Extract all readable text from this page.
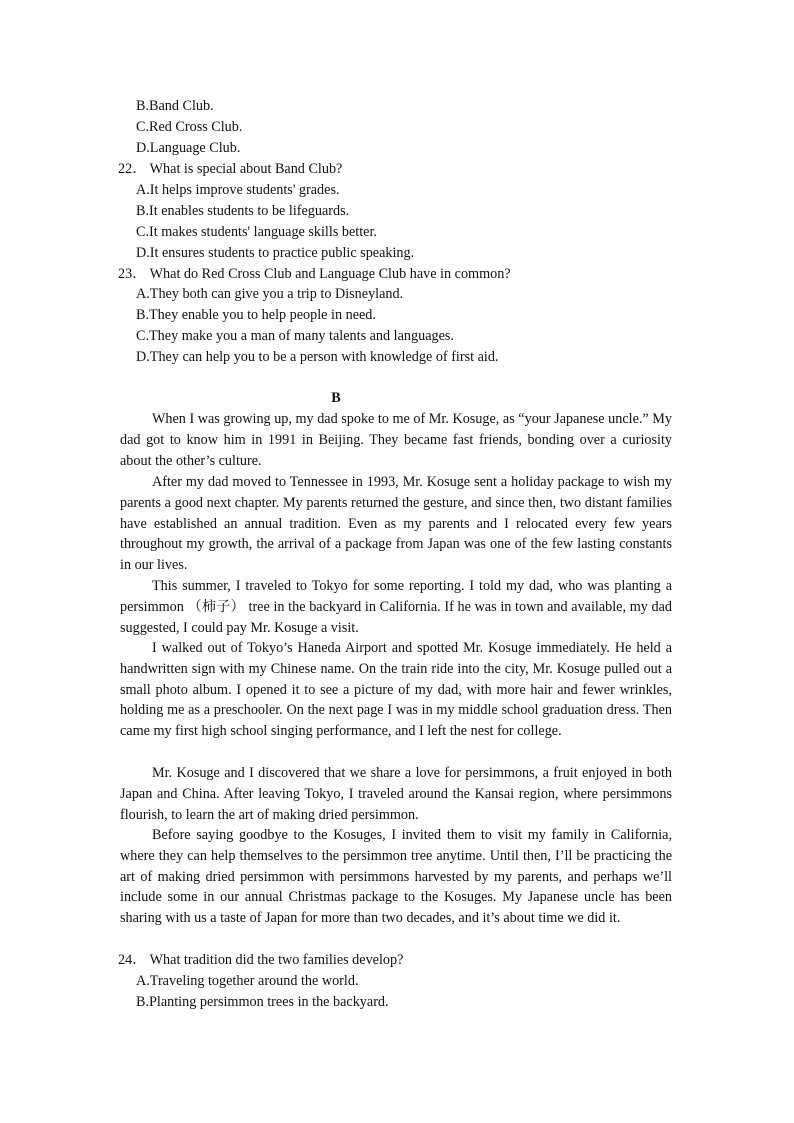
B.Band Club.
C.Red Cross Club.
D.Language Club.
22． What is special about Band Club?
A.It helps improve students' grades.
B.It enables students to be lifeguards.
C.It makes students' language skills better.
D.It ensures students to practice public speaking.
23． What do Red Cross Club and Language Club have in common?
A.They both can give you a trip to Disneyland.
B.They enable you to help people in need.
C.They make you a man of many talents and languages.
D.They can help you to be a person with knowledge of first aid.
B
When I was growing up, my dad spoke to me of Mr. Kosuge, as “your Japanese uncle.” My dad got to know him in 1991 in Beijing. They became fast friends, bonding over a curiosity about the other’s culture.
After my dad moved to Tennessee in 1993, Mr. Kosuge sent a holiday package to wish my parents a good next chapter. My parents returned the gesture, and since then, two distant families have established an annual tradition. Even as my parents and I relocated every few years throughout my growth, the arrival of a package from Japan was one of the few lasting constants in our lives.
This summer, I traveled to Tokyo for some reporting. I told my dad, who was planting a persimmon （柿子） tree in the backyard in California. If he was in town and available, my dad suggested, I could pay Mr. Kosuge a visit.
I walked out of Tokyo’s Haneda Airport and spotted Mr. Kosuge immediately. He held a handwritten sign with my Chinese name. On the train ride into the city, Mr. Kosuge pulled out a small photo album. I opened it to see a picture of my dad, with more hair and fewer wrinkles, holding me as a preschooler. On the next page I was in my middle school graduation dress. Then came my first high school singing performance, and I left the nest for college.
Mr. Kosuge and I discovered that we share a love for persimmons, a fruit enjoyed in both Japan and China. After leaving Tokyo, I traveled around the Kansai region, where persimmons flourish, to learn the art of making dried persimmon.
Before saying goodbye to the Kosuges, I invited them to visit my family in California, where they can help themselves to the persimmon tree anytime. Until then, I’ll be practicing the art of making dried persimmon with persimmons harvested by my parents, and perhaps we’ll include some in our annual Christmas package to the Kosuges. My Japanese uncle has been sharing with us a taste of Japan for more than two decades, and it’s about time we did it.
24． What tradition did the two families develop?
A.Traveling together around the world.
B.Planting persimmon trees in the backyard.
